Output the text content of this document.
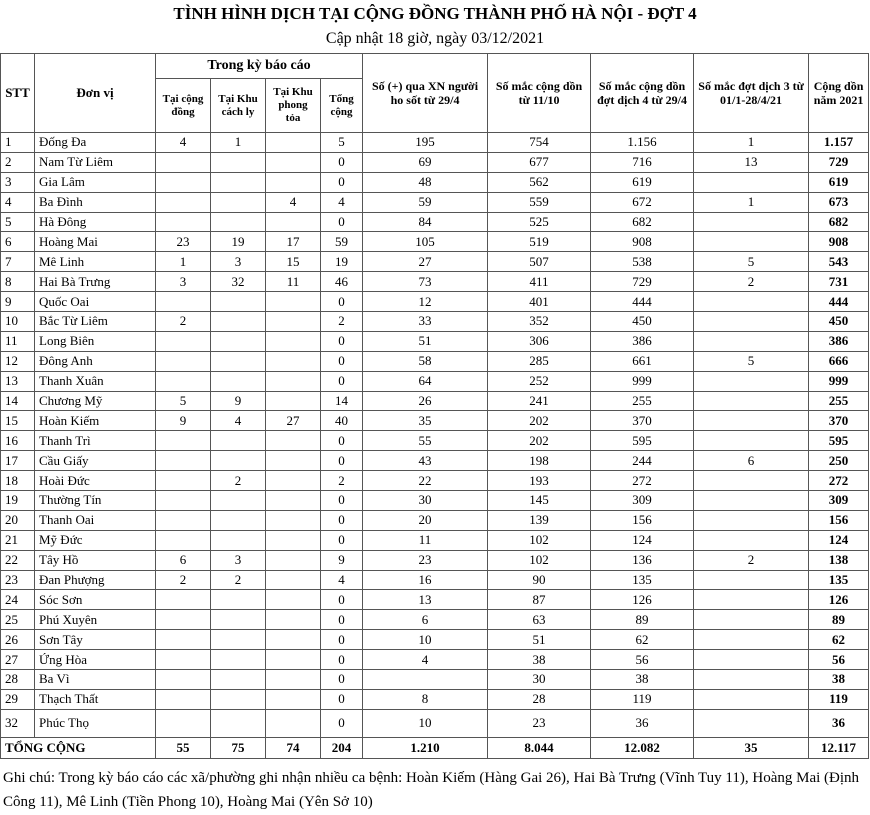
TÌNH HÌNH DỊCH TẠI CỘNG ĐỒNG THÀNH PHỐ HÀ NỘI - ĐỢT 4
Cập nhật 18 giờ, ngày 03/12/2021
STT	Đơn vị	Trong kỳ báo cáo				Số (+) qua XN người ho sốt từ 29/4	Số mắc cộng dồn từ 11/10	Số mắc cộng dồn đợt dịch 4 từ 29/4	Số mắc đợt dịch 3 từ 01/1-28/4/21	Cộng dồn năm 2021
		Tại cộng đồng	Tại Khu cách ly	Tại Khu phong tỏa	Tổng cộng					
1	Đống Đa	4	1		5	195	754	1.156	1	1.157
2	Nam Từ Liêm				0	69	677	716	13	729
3	Gia Lâm				0	48	562	619		619
4	Ba Đình			4	4	59	559	672	1	673
5	Hà Đông				0	84	525	682		682
6	Hoàng Mai	23	19	17	59	105	519	908		908
7	Mê Linh	1	3	15	19	27	507	538	5	543
8	Hai Bà Trưng	3	32	11	46	73	411	729	2	731
9	Quốc Oai				0	12	401	444		444
10	Bắc Từ Liêm	2			2	33	352	450		450
11	Long Biên				0	51	306	386		386
12	Đông Anh				0	58	285	661	5	666
13	Thanh Xuân				0	64	252	999		999
14	Chương Mỹ	5	9		14	26	241	255		255
15	Hoàn Kiếm	9	4	27	40	35	202	370		370
16	Thanh Trì				0	55	202	595		595
17	Cầu Giấy				0	43	198	244	6	250
18	Hoài Đức		2		2	22	193	272		272
19	Thường Tín				0	30	145	309		309
20	Thanh Oai				0	20	139	156		156
21	Mỹ Đức				0	11	102	124		124
22	Tây Hồ	6	3		9	23	102	136	2	138
23	Đan Phượng	2	2		4	16	90	135		135
24	Sóc Sơn				0	13	87	126		126
25	Phú Xuyên				0	6	63	89		89
26	Sơn Tây				0	10	51	62		62
27	Ứng Hòa				0	4	38	56		56
28	Ba Vì				0		30	38		38
29	Thạch Thất				0	8	28	119		119
32	Phúc Thọ				0	10	23	36		36
TỔNG CỘNG		55	75	74	204	1.210	8.044	12.082	35	12.117
Ghi chú: Trong kỳ báo cáo các xã/phường ghi nhận nhiều ca bệnh: Hoàn Kiếm (Hàng Gai 26), Hai Bà Trưng (Vĩnh Tuy 11), Hoàng Mai (Định Công 11), Mê Linh (Tiền Phong 10), Hoàng Mai (Yên Sở 10)
